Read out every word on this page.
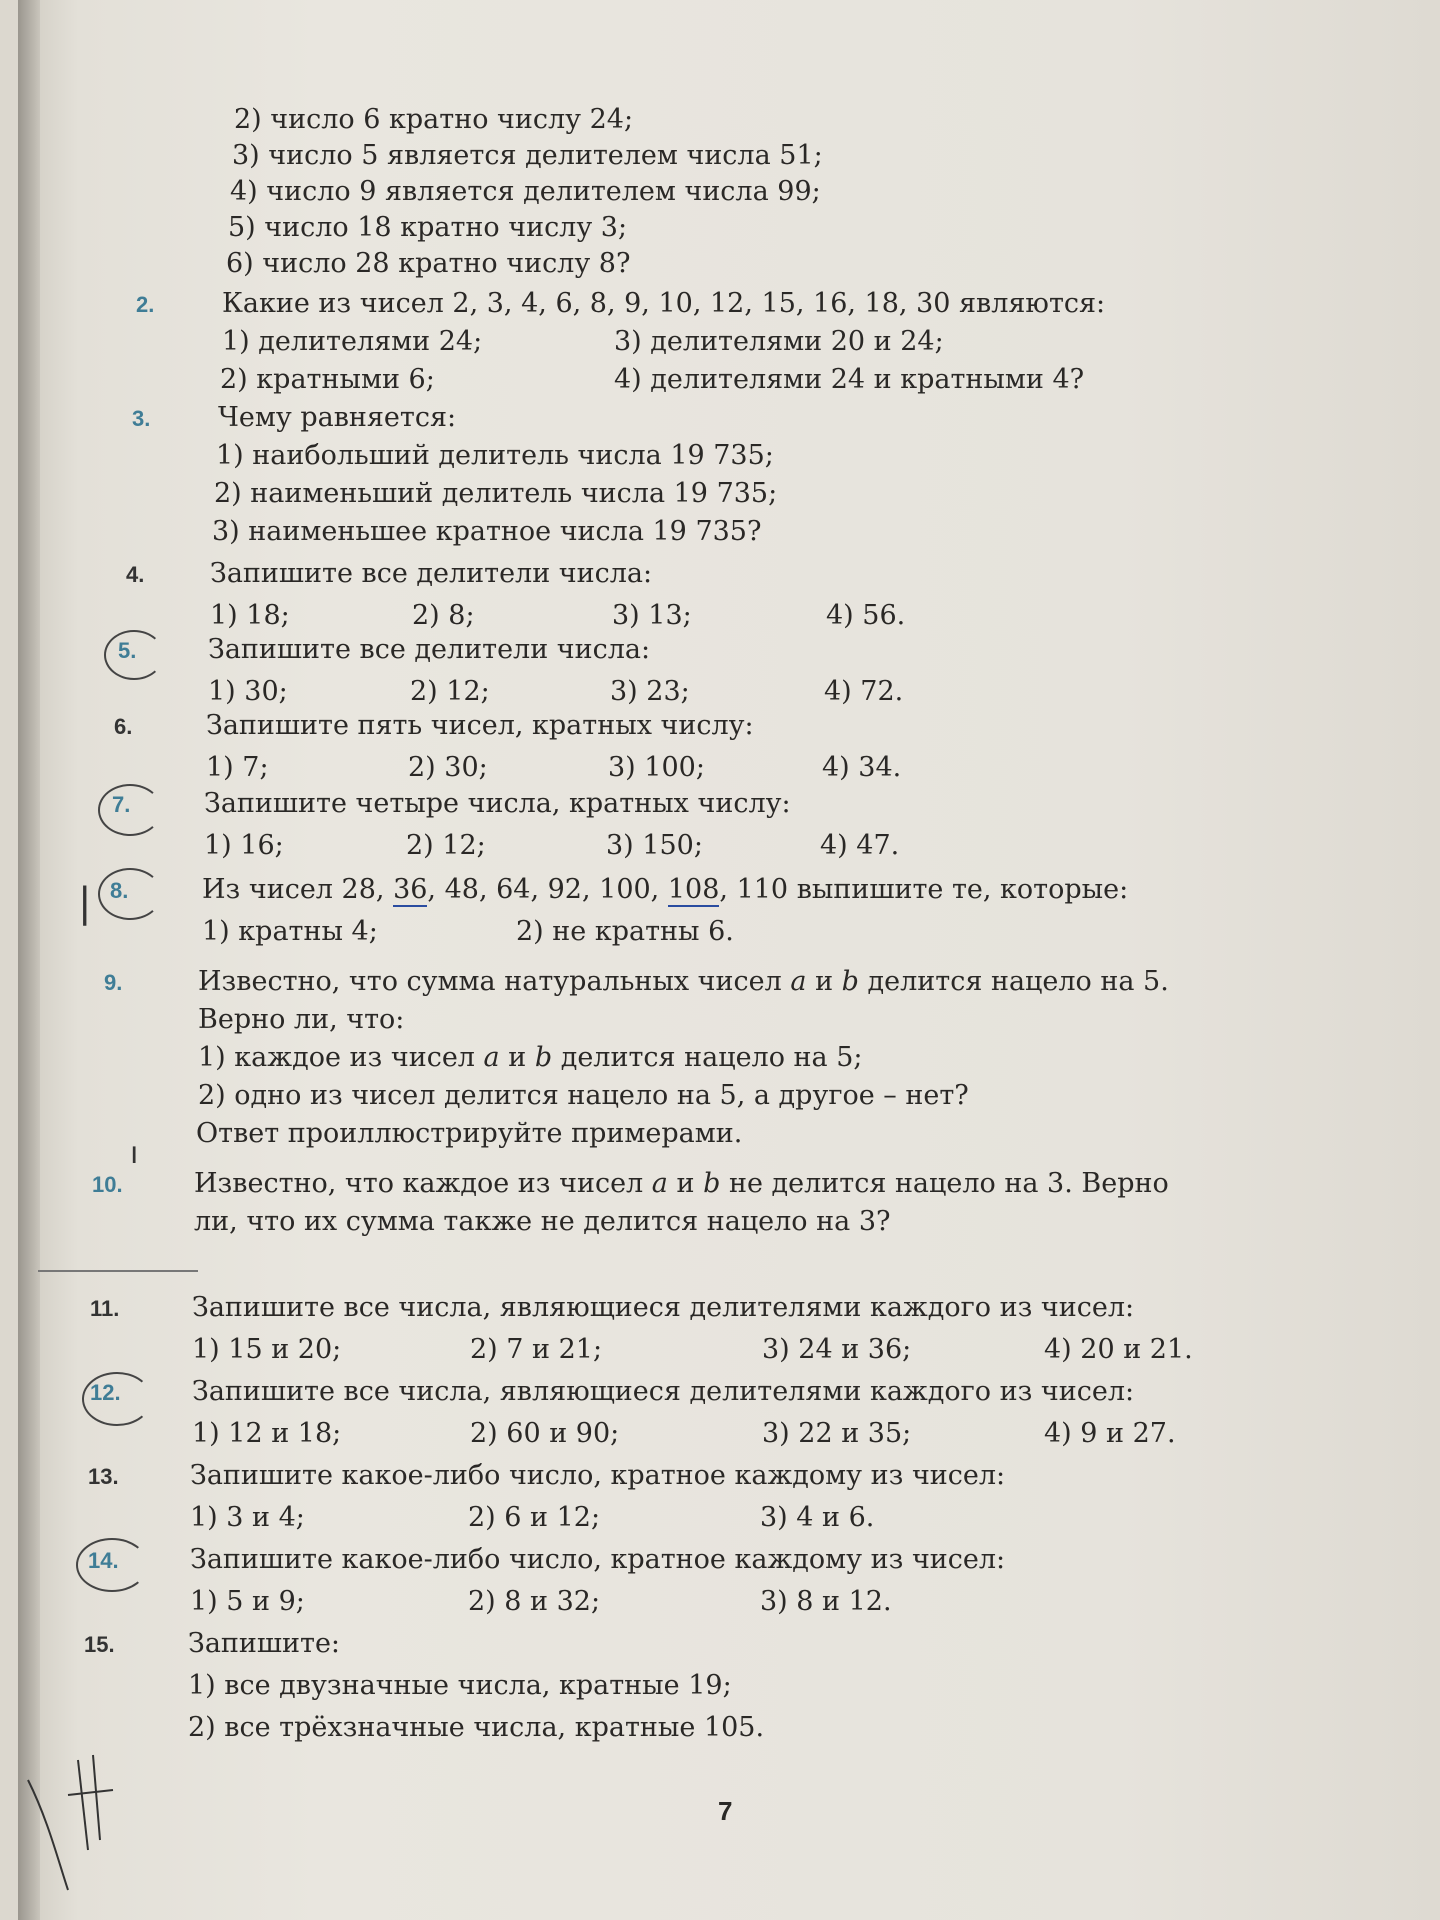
2) число 6 кратно числу 24;
3) число 5 является делителем числа 51;
4) число 9 является делителем числа 99;
5) число 18 кратно числу 3;
6) число 28 кратно числу 8?
2.	Какие из чисел 2, 3, 4, 6, 8, 9, 10, 12, 15, 16, 18, 30 являются:
1) делителями 24;	3) делителями 20 и 24;
2) кратными 6;	4) делителями 24 и кратными 4?
3.	Чему равняется:
1) наибольший делитель числа 19 735;
2) наименьший делитель числа 19 735;
3) наименьшее кратное числа 19 735?
4. Запишите все делители числа:
1) 18;	2) 8;	3) 13;	4) 56.
5.	Запишите все делители числа:
1) 30;	2) 12;	3) 23;	4) 72.
6.	Запишите пять чисел, кратных числу:
1) 7;	2) 30;	3) 100;	4) 34.
7.	Запишите четыре числа, кратных числу:
1) 16;	2) 12;	3) 150;	4) 47.
| 8.	Из чисел 28, 36, 48, 64, 92, 100, 108, 110 выпишите те, которые:
1) кратны 4;	2) не кратны 6.
9.	Известно, что сумма натуральных чисел a и b делится нацело на 5.
Верно ли, что:
1) каждое из чисел a и b делится нацело на 5;
2) одно из чисел делится нацело на 5, а другое – нет?
Ответ проиллюстрируйте примерами.
ı
10.	Известно, что каждое из чисел a и b не делится нацело на 3. Верно
ли, что их сумма также не делится нацело на 3?
11.	Запишите все числа, являющиеся делителями каждого из чисел:
1) 15 и 20;	2) 7 и 21;	3) 24 и 36;	4) 20 и 21.
12.	Запишите все числа, являющиеся делителями каждого из чисел:
1) 12 и 18;	2) 60 и 90;	3) 22 и 35;	4) 9 и 27.
13.	Запишите какое-либо число, кратное каждому из чисел:
1) 3 и 4;	2) 6 и 12;	3) 4 и 6.
14.	Запишите какое-либо число, кратное каждому из чисел:
1) 5 и 9;	2) 8 и 32;	3) 8 и 12.
15.	Запишите:
1) все двузначные числа, кратные 19;
2) все трёхзначные числа, кратные 105.
7
